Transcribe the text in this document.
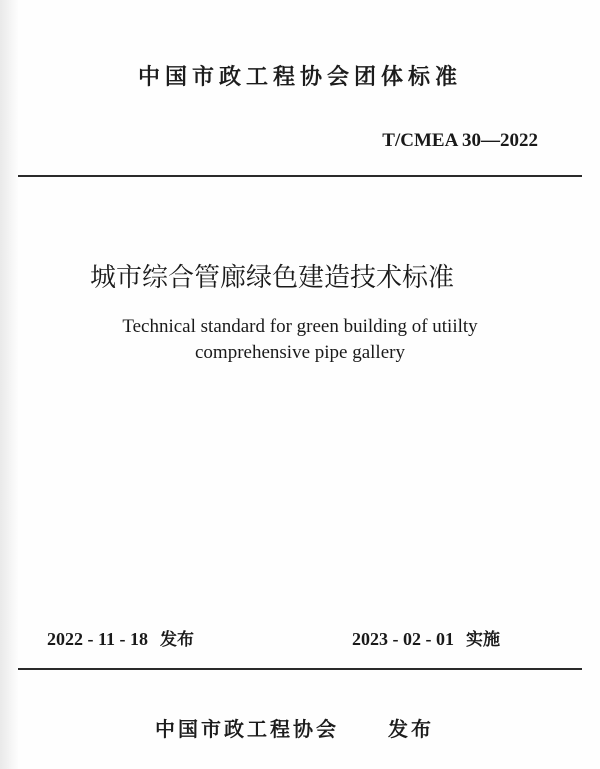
中国市政工程协会团体标准
T/CMEA 30—2022
城市综合管廊绿色建造技术标准
Technical standard for green building of utiilty
comprehensive pipe gallery
2022 - 11 - 18 发布	2023 - 02 - 01 实施
中国市政工程协会 发布
